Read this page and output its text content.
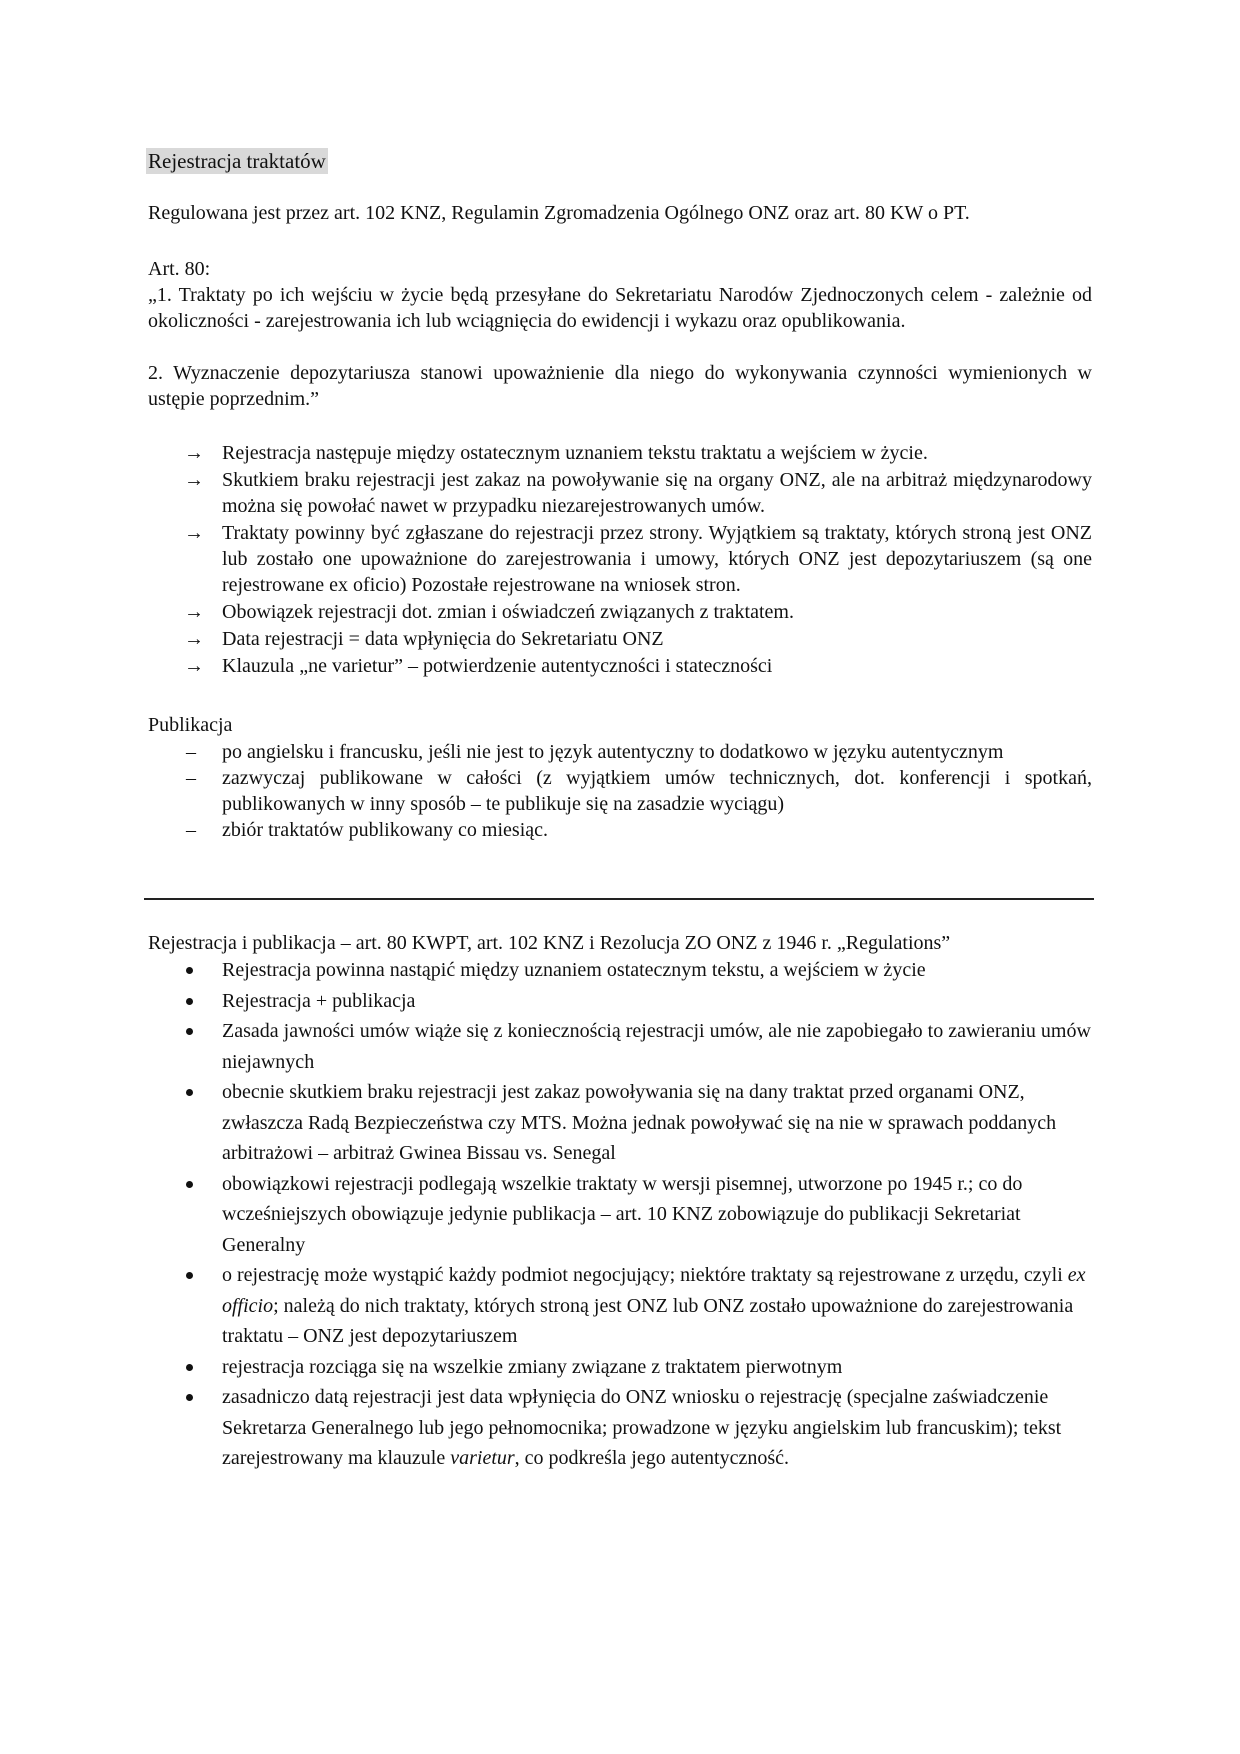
Rejestracja traktatów
Regulowana jest przez art. 102 KNZ, Regulamin Zgromadzenia Ogólnego ONZ oraz art. 80 KW o PT.
Art. 80:
„1. Traktaty po ich wejściu w życie będą przesyłane do Sekretariatu Narodów Zjednoczonych celem - zależnie od okoliczności - zarejestrowania ich lub wciągnięcia do ewidencji i wykazu oraz opublikowania.
2. Wyznaczenie depozytariusza stanowi upoważnienie dla niego do wykonywania czynności wymienionych w ustępie poprzednim.”
→ Rejestracja następuje między ostatecznym uznaniem tekstu traktatu a wejściem w życie.
→ Skutkiem braku rejestracji jest zakaz na powoływanie się na organy ONZ, ale na arbitraż międzynarodowy można się powołać nawet w przypadku niezarejestrowanych umów.
→ Traktaty powinny być zgłaszane do rejestracji przez strony. Wyjątkiem są traktaty, których stroną jest ONZ lub zostało one upoważnione do zarejestrowania i umowy, których ONZ jest depozytariuszem (są one rejestrowane ex oficio) Pozostałe rejestrowane na wniosek stron.
→ Obowiązek rejestracji dot. zmian i oświadczeń związanych z traktatem.
→ Data rejestracji = data wpłynięcia do Sekretariatu ONZ
→ Klauzula „ne varietur” – potwierdzenie autentyczności i stateczności
Publikacja
–	po angielsku i francusku, jeśli nie jest to język autentyczny to dodatkowo w języku autentycznym
–	zazwyczaj publikowane w całości (z wyjątkiem umów technicznych, dot. konferencji i spotkań, publikowanych w inny sposób – te publikuje się na zasadzie wyciągu)
–	zbiór traktatów publikowany co miesiąc.
Rejestracja i publikacja – art. 80 KWPT, art. 102 KNZ i Rezolucja ZO ONZ z 1946 r. „Regulations”
Rejestracja powinna nastąpić między uznaniem ostatecznym tekstu, a wejściem w życie
Rejestracja + publikacja
Zasada jawności umów wiąże się z koniecznością rejestracji umów, ale nie zapobiegało to zawieraniu umów niejawnych
obecnie skutkiem braku rejestracji jest zakaz powoływania się na dany traktat przed organami ONZ, zwłaszcza Radą Bezpieczeństwa czy MTS. Można jednak powoływać się na nie w sprawach poddanych arbitrażowi – arbitraż Gwinea Bissau vs. Senegal
obowiązkowi rejestracji podlegają wszelkie traktaty w wersji pisemnej, utworzone po 1945 r.; co do wcześniejszych obowiązuje jedynie publikacja – art. 10 KNZ zobowiązuje do publikacji Sekretariat Generalny
o rejestrację może wystąpić każdy podmiot negocjujący; niektóre traktaty są rejestrowane z urzędu, czyli ex officio; należą do nich traktaty, których stroną jest ONZ lub ONZ zostało upoważnione do zarejestrowania traktatu – ONZ jest depozytariuszem
rejestracja rozciąga się na wszelkie zmiany związane z traktatem pierwotnym
zasadniczo datą rejestracji jest data wpłynięcia do ONZ wniosku o rejestrację (specjalne zaświadczenie Sekretarza Generalnego lub jego pełnomocnika; prowadzone w języku angielskim lub francuskim); tekst zarejestrowany ma klauzule varietur, co podkreśla jego autentyczność.
